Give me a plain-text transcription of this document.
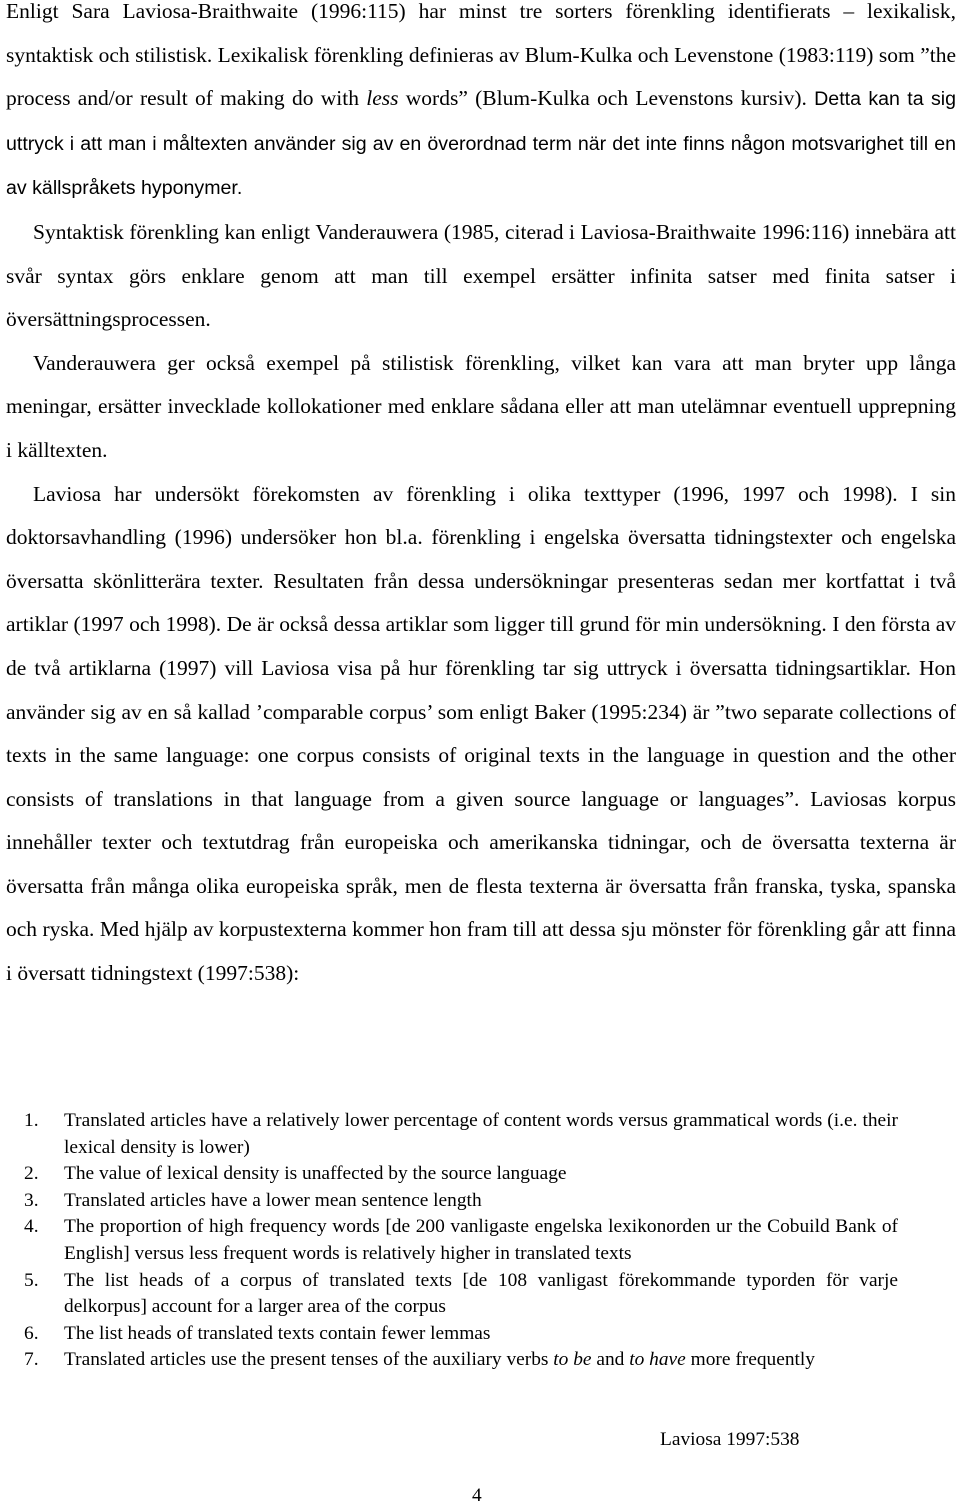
Enligt Sara Laviosa-Braithwaite (1996:115) har minst tre sorters förenkling identifierats – lexikalisk, syntaktisk och stilistisk. Lexikalisk förenkling definieras av Blum-Kulka och Levenstone (1983:119) som ”the process and/or result of making do with less words” (Blum-Kulka och Levenstons kursiv). Detta kan ta sig uttryck i att man i måltexten använder sig av en överordnad term när det inte finns någon motsvarighet till en av källspråkets hyponymer.

Syntaktisk förenkling kan enligt Vanderauwera (1985, citerad i Laviosa-Braithwaite 1996:116) innebära att svår syntax görs enklare genom att man till exempel ersätter infinita satser med finita satser i översättningsprocessen.

Vanderauwera ger också exempel på stilistisk förenkling, vilket kan vara att man bryter upp långa meningar, ersätter invecklade kollokationer med enklare sådana eller att man utelämnar eventuell upprepning i källtexten.

Laviosa har undersökt förekomsten av förenkling i olika texttyper (1996, 1997 och 1998). I sin doktorsavhandling (1996) undersöker hon bl.a. förenkling i engelska översatta tidningstexter och engelska översatta skönlitterära texter. Resultaten från dessa undersökningar presenteras sedan mer kortfattat i två artiklar (1997 och 1998). De är också dessa artiklar som ligger till grund för min undersökning. I den första av de två artiklarna (1997) vill Laviosa visa på hur förenkling tar sig uttryck i översatta tidningsartiklar. Hon använder sig av en så kallad ’comparable corpus’ som enligt Baker (1995:234) är ”two separate collections of texts in the same language: one corpus consists of original texts in the language in question and the other consists of translations in that language from a given source language or languages”. Laviosas korpus innehåller texter och textutdrag från europeiska och amerikanska tidningar, och de översatta texterna är översatta från många olika europeiska språk, men de flesta texterna är översatta från franska, tyska, spanska och ryska. Med hjälp av korpustexterna kommer hon fram till att dessa sju mönster för förenkling går att finna i översatt tidningstext (1997:538):

1. Translated articles have a relatively lower percentage of content words versus grammatical words (i.e. their lexical density is lower)
2. The value of lexical density is unaffected by the source language
3. Translated articles have a lower mean sentence length
4. The proportion of high frequency words [de 200 vanligaste engelska lexikonorden ur the Cobuild Bank of English] versus less frequent words is relatively higher in translated texts
5. The list heads of a corpus of translated texts [de 108 vanligast förekommande typorden för varje delkorpus] account for a larger area of the corpus
6. The list heads of translated texts contain fewer lemmas
7. Translated articles use the present tenses of the auxiliary verbs to be and to have more frequently
Laviosa 1997:538
4
